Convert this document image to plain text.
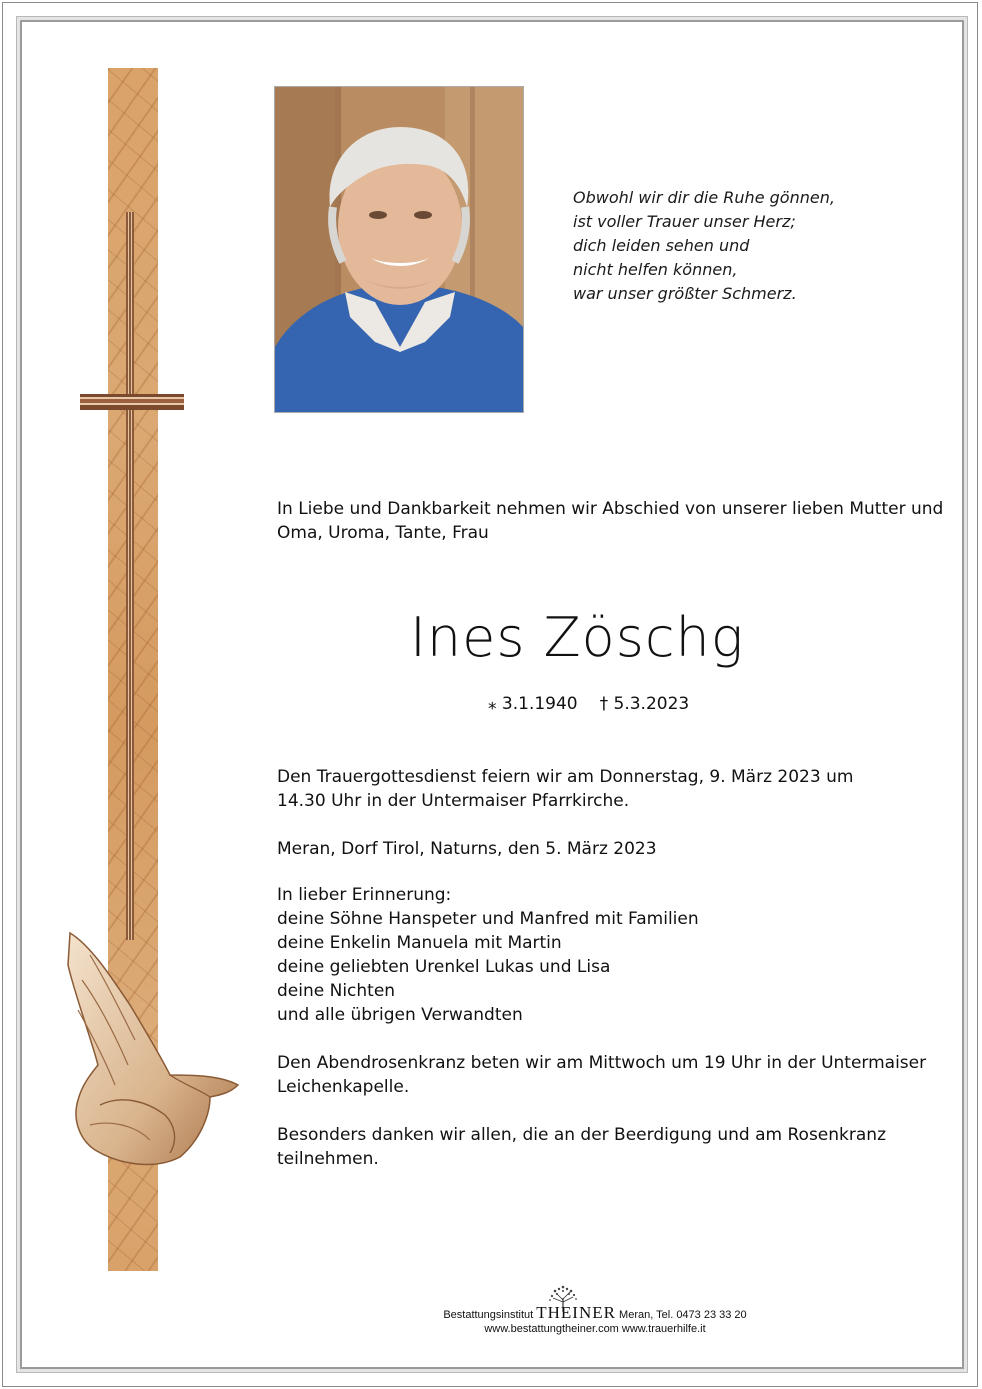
Obwohl wir dir die Ruhe gönnen,
ist voller Trauer unser Herz;
dich leiden sehen und
nicht helfen können,
war unser größter Schmerz.
In Liebe und Dankbarkeit nehmen wir Abschied von unserer lieben Mutter und
Oma, Uroma, Tante, Frau
Ines Zöschg
⁎ 3.1.1940 † 5.3.2023
Den Trauergottesdienst feiern wir am Donnerstag, 9. März 2023 um
14.30 Uhr in der Untermaiser Pfarrkirche.
Meran, Dorf Tirol, Naturns, den 5. März 2023
In lieber Erinnerung:
deine Söhne Hanspeter und Manfred mit Familien
deine Enkelin Manuela mit Martin
deine geliebten Urenkel Lukas und Lisa
deine Nichten
und alle übrigen Verwandten
Den Abendrosenkranz beten wir am Mittwoch um 19 Uhr in der Untermaiser
Leichenkapelle.
Besonders danken wir allen, die an der Beerdigung und am Rosenkranz
teilnehmen.
Bestattungsinstitut THEINER Meran, Tel. 0473 23 33 20
www.bestattungtheiner.com www.trauerhilfe.it
